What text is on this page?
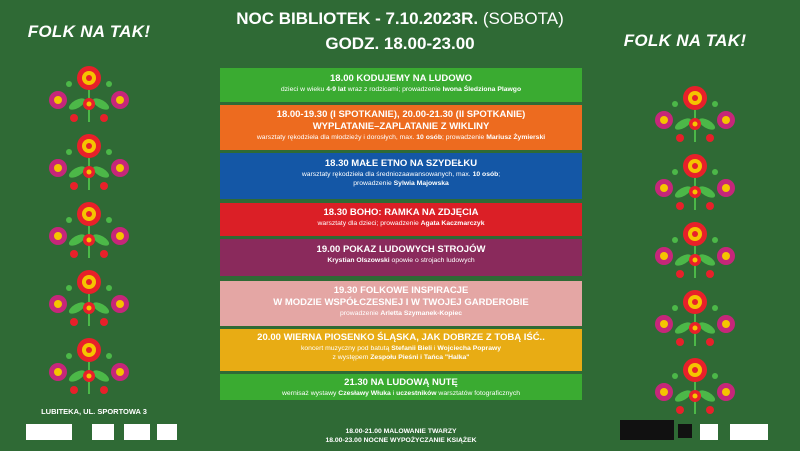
FOLK NA TAK!	FOLK NA TAK!
NOC BIBLIOTEK - 7.10.2023R. (SOBOTA)
GODZ. 18.00-23.00
18.00 KODUJEMY NA LUDOWO
dzieci w wieku 4-9 lat wraz z rodzicami; prowadzenie Iwona Śledziona Plawgo
18.00-19.30 (I SPOTKANIE), 20.00-21.30 (II SPOTKANIE)
WYPLATANIE–ZAPLATANIE Z WIKLINY
warsztaty rękodzieła dla młodzieży i dorosłych, max. 10 osób; prowadzenie Mariusz Żymierski
18.30 MAŁE ETNO NA SZYDEŁKU
warsztaty rękodzieła dla średniozaawansowanych, max. 10 osób;
prowadzenie Sylwia Majowska
18.30 BOHO: RAMKA NA ZDJĘCIA
warsztaty dla dzieci; prowadzenie Agata Kaczmarczyk
19.00 POKAZ LUDOWYCH STROJÓW
Krystian Olszowski opowie o strojach ludowych
19.30 FOLKOWE INSPIRACJE
W MODZIE WSPÓŁCZESNEJ I W TWOJEJ GARDEROBIE
prowadzenie Arletta Szymanek-Kopiec
20.00 WIERNA PIOSENKO ŚLĄSKA, JAK DOBRZE Z TOBĄ IŚĆ..
koncert muzyczny pod batutą Stefanii Bieli i Wojciecha Poprawy
z występem Zespołu Pieśni i Tańca "Halka"
21.30 NA LUDOWĄ NUTĘ
wernisaż wystawy Czesławy Włuka i uczestników warsztatów fotograficznych
LUBITEKA, UL. SPORTOWA 3
18.00-21.00 MALOWANIE TWARZY
18.00-23.00 NOCNE WYPOŻYCZANIE KSIĄŻEK
